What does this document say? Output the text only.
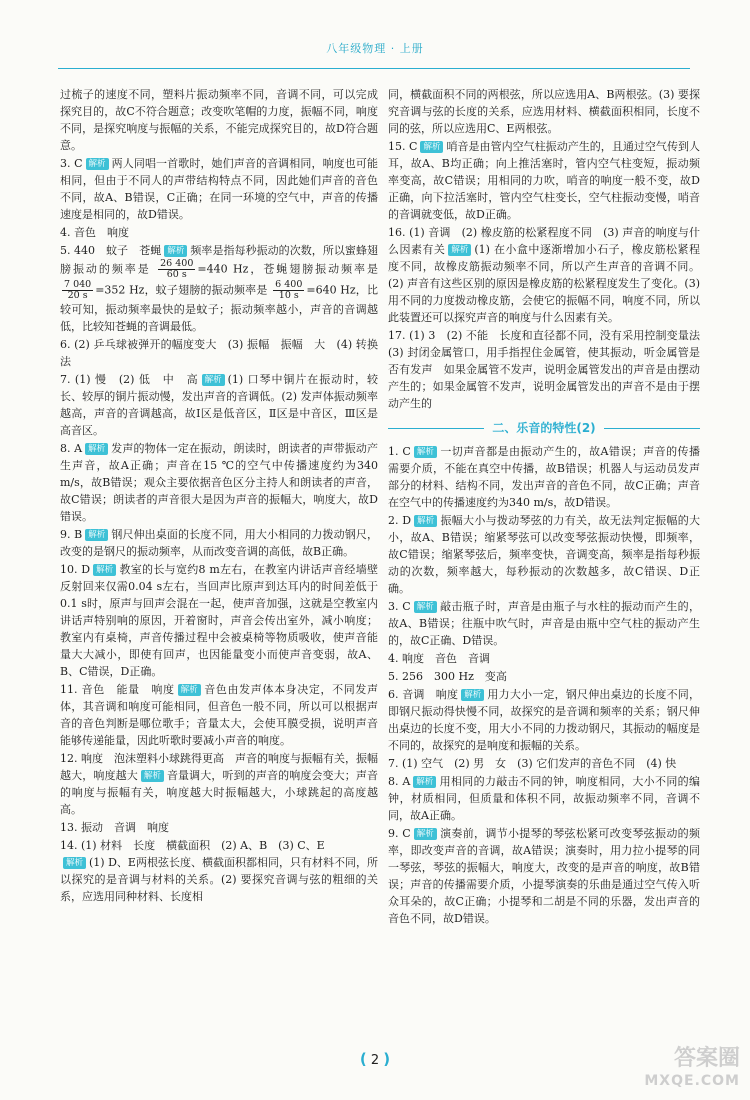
八年级物理 · 上册
过梳子的速度不同，塑料片振动频率不同，音调不同，可以完成探究目的，故C不符合题意；改变吹笔帽的力度，振幅不同，响度不同，是探究响度与振幅的关系，不能完成探究目的，故D符合题意。
3. C 解析 两人同唱一首歌时，她们声音的音调相同，响度也可能相同，但由于不同人的声带结构特点不同，因此她们声音的音色不同，故A、B错误，C正确；在同一环境的空气中，声音的传播速度是相同的，故D错误。
4. 音色　响度
5. 440　蚊子　苍蝇 解析 频率是指每秒振动的次数，所以蜜蜂翅膀振动的频率是 $\frac{26 400}{60 s} =440$ Hz，苍蝇翅膀振动频率是
$\frac{7 040}{20 s} =352$ Hz，蚊子翅膀的振动频率是 $\frac{6 400}{10 s} =640$ Hz，比较可知，振动频率最快的是蚊子；振动频率越小，声音的音调越低，比较知苍蝇的音调最低。
6. (2) 乒乓球被弹开的幅度变大　(3) 振幅　振幅　大　(4) 转换法
7. (1) 慢　(2) 低　中　高 解析 (1) 口琴中铜片在振动时，较长、较厚的铜片振动慢，发出声音的音调低。(2) 发声体振动频率越高，声音的音调越高，故Ⅰ区是低音区，Ⅱ区是中音区，Ⅲ区是高音区。
8. A 解析 发声的物体一定在振动，朗读时，朗读者的声带振动产生声音，故A正确；声音在15 ℃的空气中传播速度约为340 m/s，故B错误；观众主要依据音色区分主持人和朗读者的声音，故C错误；朗读者的声音很大是因为声音的振幅大，响度大，故D错误。
9. B 解析 钢尺伸出桌面的长度不同，用大小相同的力拨动钢尺，改变的是钢尺的振动频率，从而改变音调的高低，故B正确。
10. D 解析 教室的长与宽约8 m左右，在教室内讲话声音经墙壁反射回来仅需0.04 s左右，当回声比原声到达耳内的时间差低于0.1 s时，原声与回声会混在一起，使声音加强，这就是空教室内讲话声特别响的原因，开着窗时，声音会传出室外，减小响度；教室内有桌椅，声音传播过程中会被桌椅等物质吸收，使声音能量大大减小，即使有回声，也因能量变小而使声音变弱，故A、B、C错误，D正确。
11. 音色　能量　响度 解析 音色由发声体本身决定，不同发声体，其音调和响度可能相同，但音色一般不同，所以可以根据声音的音色判断是哪位歌手；音量太大，会使耳膜受损，说明声音能够传递能量，因此听歌时要减小声音的响度。
12. 响度　泡沫塑料小球跳得更高　声音的响度与振幅有关，振幅越大，响度越大 解析 音量调大，听到的声音的响度会变大；声音的响度与振幅有关，响度越大时振幅越大，小球跳起的高度越高。
13. 振动　音调　响度
14. (1) 材料　长度　横截面积　(2) A、B　(3) C、E
解析 (1) D、E两根弦长度、横截面积都相同，只有材料不同，所以探究的是音调与材料的关系。(2) 要探究音调与弦的粗细的关系，应选用同种材料、长度相
同，横截面积不同的两根弦，所以应选用A、B两根弦。(3) 要探究音调与弦的长度的关系，应选用材料、横截面积相同，长度不同的弦，所以应选用C、E两根弦。
15. C 解析 哨音是由管内空气柱振动产生的，且通过空气传到人耳，故A、B均正确；向上推活塞时，管内空气柱变短，振动频率变高，故C错误；用相同的力吹，哨音的响度一般不变，故D正确，向下拉活塞时，管内空气柱变长，空气柱振动变慢，哨音的音调就变低，故D正确。
16. (1) 音调　(2) 橡皮筋的松紧程度不同　(3) 声音的响度与什么因素有关 解析 (1) 在小盒中逐渐增加小石子，橡皮筋松紧程度不同，故橡皮筋振动频率不同，所以产生声音的音调不同。(2) 声音有这些区别的原因是橡皮筋的松紧程度发生了变化。(3) 用不同的力度拨动橡皮筋，会使它的振幅不同，响度不同，所以此装置还可以探究声音的响度与什么因素有关。
17. (1) 3　(2) 不能　长度和直径都不同，没有采用控制变量法　(3) 封闭金属管口，用手指捏住金属管，使其振动，听金属管是否有发声　如果金属管不发声，说明金属管发出的声音是由摆动产生的；如果金属管不发声，说明金属管发出的声音不是由于摆动产生的
二、乐音的特性(2)
1. C 解析 一切声音都是由振动产生的，故A错误；声音的传播需要介质，不能在真空中传播，故B错误；机器人与运动员发声部分的材料、结构不同，发出声音的音色不同，故C正确；声音在空气中的传播速度约为340 m/s，故D错误。
2. D 解析 振幅大小与拨动琴弦的力有关，故无法判定振幅的大小，故A、B错误；缩紧琴弦可以改变琴弦振动快慢，即频率，故C错误；缩紧琴弦后，频率变快，音调变高，频率是指每秒振动的次数，频率越大，每秒振动的次数越多，故C错误、D正确。
3. C 解析 敲击瓶子时，声音是由瓶子与水柱的振动而产生的，故A、B错误；往瓶中吹气时，声音是由瓶中空气柱的振动产生的，故C正确、D错误。
4. 响度　音色　音调
5. 256　300 Hz　变高
6. 音调　响度 解析 用力大小一定，钢尺伸出桌边的长度不同，即钢尺振动得快慢不同，故探究的是音调和频率的关系；钢尺伸出桌边的长度不变，用大小不同的力拨动钢尺，其振动的幅度是不同的，故探究的是响度和振幅的关系。
7. (1) 空气　(2) 男　女　(3) 它们发声的音色不同　(4) 快
8. A 解析 用相同的力敲击不同的钟，响度相同，大小不同的编钟，材质相同，但质量和体积不同，故振动频率不同，音调不同，故A正确。
9. C 解析 演奏前，调节小提琴的琴弦松紧可改变琴弦振动的频率，即改变声音的音调，故A错误；演奏时，用力拉小提琴的同一琴弦，琴弦的振幅大，响度大，改变的是声音的响度，故B错误；声音的传播需要介质，小提琴演奏的乐曲是通过空气传入听众耳朵的，故C正确；小提琴和二胡是不同的乐器，发出声音的音色不同，故D错误。
( 2 )	答案圈
MXQE.COM
